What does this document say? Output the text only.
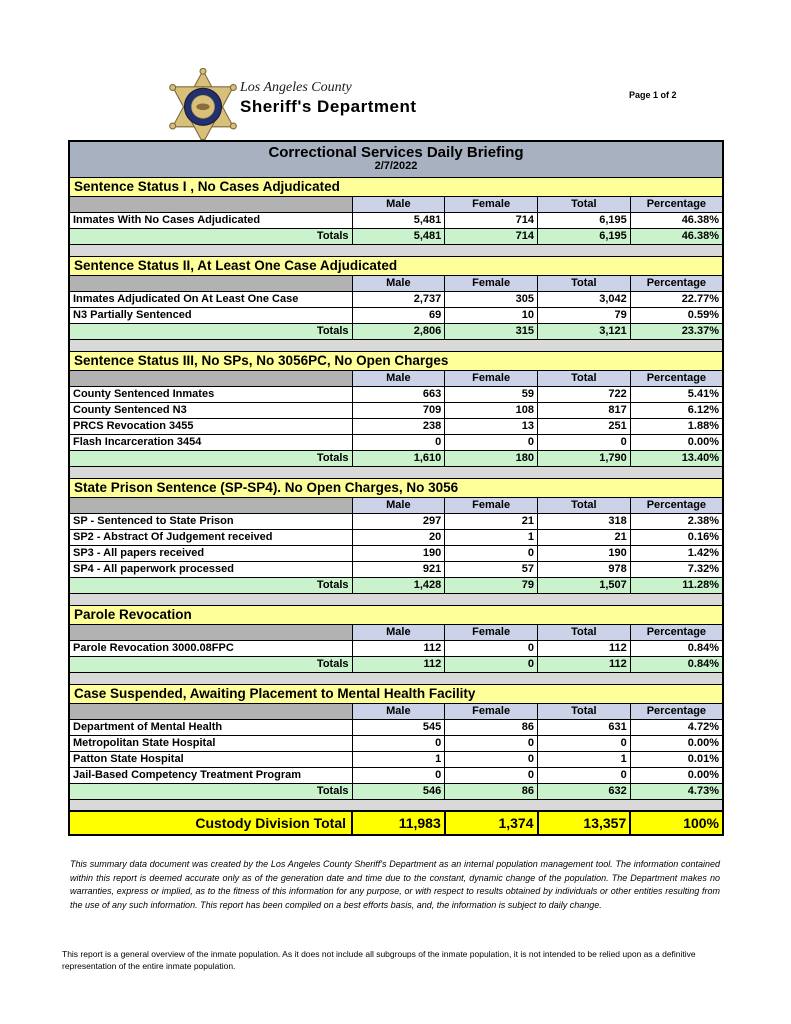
Los Angeles County
Sheriff's Department
Page 1 of 2
Correctional Services Daily Briefing
2/7/2022				

Sentence Status I , No Cases Adjudicated				
	Male	Female	Total	Percentage
Inmates With No Cases Adjudicated	5,481	714	6,195	46.38%
Totals	5,481	714	6,195	46.38%

Sentence Status II, At Least One Case Adjudicated				
	Male	Female	Total	Percentage
Inmates Adjudicated On At Least One Case	2,737	305	3,042	22.77%
N3 Partially Sentenced	69	10	79	0.59%
Totals	2,806	315	3,121	23.37%

Sentence Status III, No SPs, No 3056PC, No Open Charges				
	Male	Female	Total	Percentage
County Sentenced Inmates	663	59	722	5.41%
County Sentenced N3	709	108	817	6.12%
PRCS Revocation 3455	238	13	251	1.88%
Flash Incarceration 3454	0	0	0	0.00%
Totals	1,610	180	1,790	13.40%

State Prison Sentence (SP-SP4). No Open Charges, No 3056				
	Male	Female	Total	Percentage
SP - Sentenced to State Prison	297	21	318	2.38%
SP2 - Abstract Of Judgement received	20	1	21	0.16%
SP3 - All papers received	190	0	190	1.42%
SP4 - All paperwork processed	921	57	978	7.32%
Totals	1,428	79	1,507	11.28%

Parole Revocation				
	Male	Female	Total	Percentage
Parole Revocation 3000.08FPC	112	0	112	0.84%
Totals	112	0	112	0.84%

Case Suspended, Awaiting Placement to Mental Health Facility				
	Male	Female	Total	Percentage
Department of Mental Health	545	86	631	4.72%
Metropolitan State Hospital	0	0	0	0.00%
Patton State Hospital	1	0	1	0.01%
Jail-Based Competency Treatment Program	0	0	0	0.00%
Totals	546	86	632	4.73%

Custody Division Total	11,983	1,374	13,357	100%
This summary data document was created by the Los Angeles County Sheriff's Department as an internal population management tool. The information contained within this report is deemed accurate only as of the generation date and time due to the constant, dynamic change of the population. The Department makes no warranties, express or implied, as to the fitness of this information for any purpose, or with respect to results obtained by individuals or other entities resulting from the use of any such information. This report has been compiled on a best efforts basis, and, the information is subject to daily change.
This report is a general overview of the inmate population. As it does not include all subgroups of the inmate population, it is not intended to be relied upon as a definitive representation of the entire inmate population.
